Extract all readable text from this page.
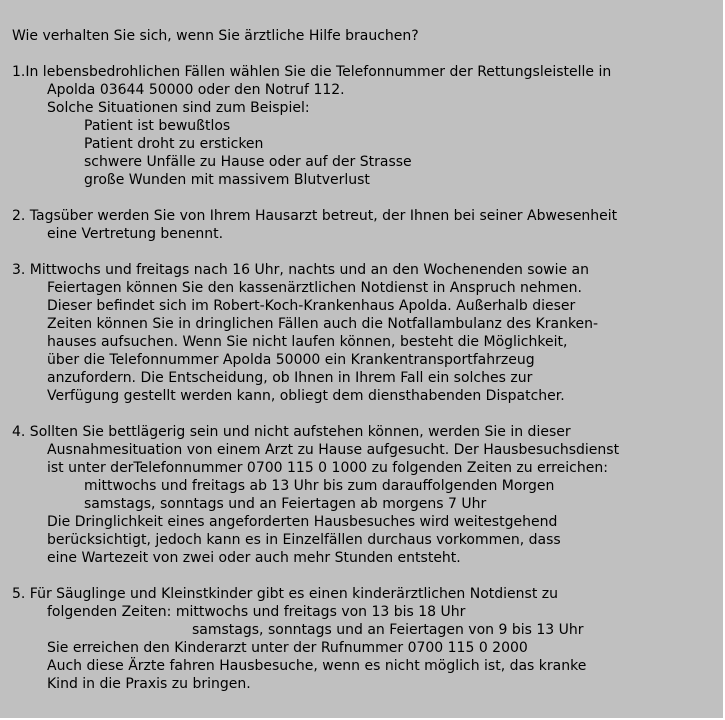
Wie verhalten Sie sich, wenn Sie ärztliche Hilfe brauchen?
1.In lebensbedrohlichen Fällen wählen Sie die Telefonnummer der Rettungsleistelle in
Apolda 03644 50000 oder den Notruf 112.
Solche Situationen sind zum Beispiel:
Patient ist bewußtlos
Patient droht zu ersticken
schwere Unfälle zu Hause oder auf der Strasse
große Wunden mit massivem Blutverlust
2. Tagsüber werden Sie von Ihrem Hausarzt betreut, der Ihnen bei seiner Abwesenheit
eine Vertretung benennt.
3. Mittwochs und freitags nach 16 Uhr, nachts und an den Wochenenden sowie an
Feiertagen können Sie den kassenärztlichen Notdienst in Anspruch nehmen.
Dieser befindet sich im Robert-Koch-Krankenhaus Apolda. Außerhalb dieser
Zeiten können Sie in dringlichen Fällen auch die Notfallambulanz des Kranken-
hauses aufsuchen. Wenn Sie nicht laufen können, besteht die Möglichkeit,
über die Telefonnummer Apolda 50000 ein Krankentransportfahrzeug
anzufordern. Die Entscheidung, ob Ihnen in Ihrem Fall ein solches zur
Verfügung gestellt werden kann, obliegt dem diensthabenden Dispatcher.
4. Sollten Sie bettlägerig sein und nicht aufstehen können, werden Sie in dieser
Ausnahmesituation von einem Arzt zu Hause aufgesucht. Der Hausbesuchsdienst
ist unter derTelefonnummer 0700 115 0 1000 zu folgenden Zeiten zu erreichen:
mittwochs und freitags ab 13 Uhr bis zum darauffolgenden Morgen
samstags, sonntags und an Feiertagen ab morgens 7 Uhr
Die Dringlichkeit eines angeforderten Hausbesuches wird weitestgehend
berücksichtigt, jedoch kann es in Einzelfällen durchaus vorkommen, dass
eine Wartezeit von zwei oder auch mehr Stunden entsteht.
5. Für Säuglinge und Kleinstkinder gibt es einen kinderärztlichen Notdienst zu
folgenden Zeiten: mittwochs und freitags von 13 bis 18 Uhr
samstags, sonntags und an Feiertagen von 9 bis 13 Uhr
Sie erreichen den Kinderarzt unter der Rufnummer 0700 115 0 2000
Auch diese Ärzte fahren Hausbesuche, wenn es nicht möglich ist, das kranke
Kind in die Praxis zu bringen.
